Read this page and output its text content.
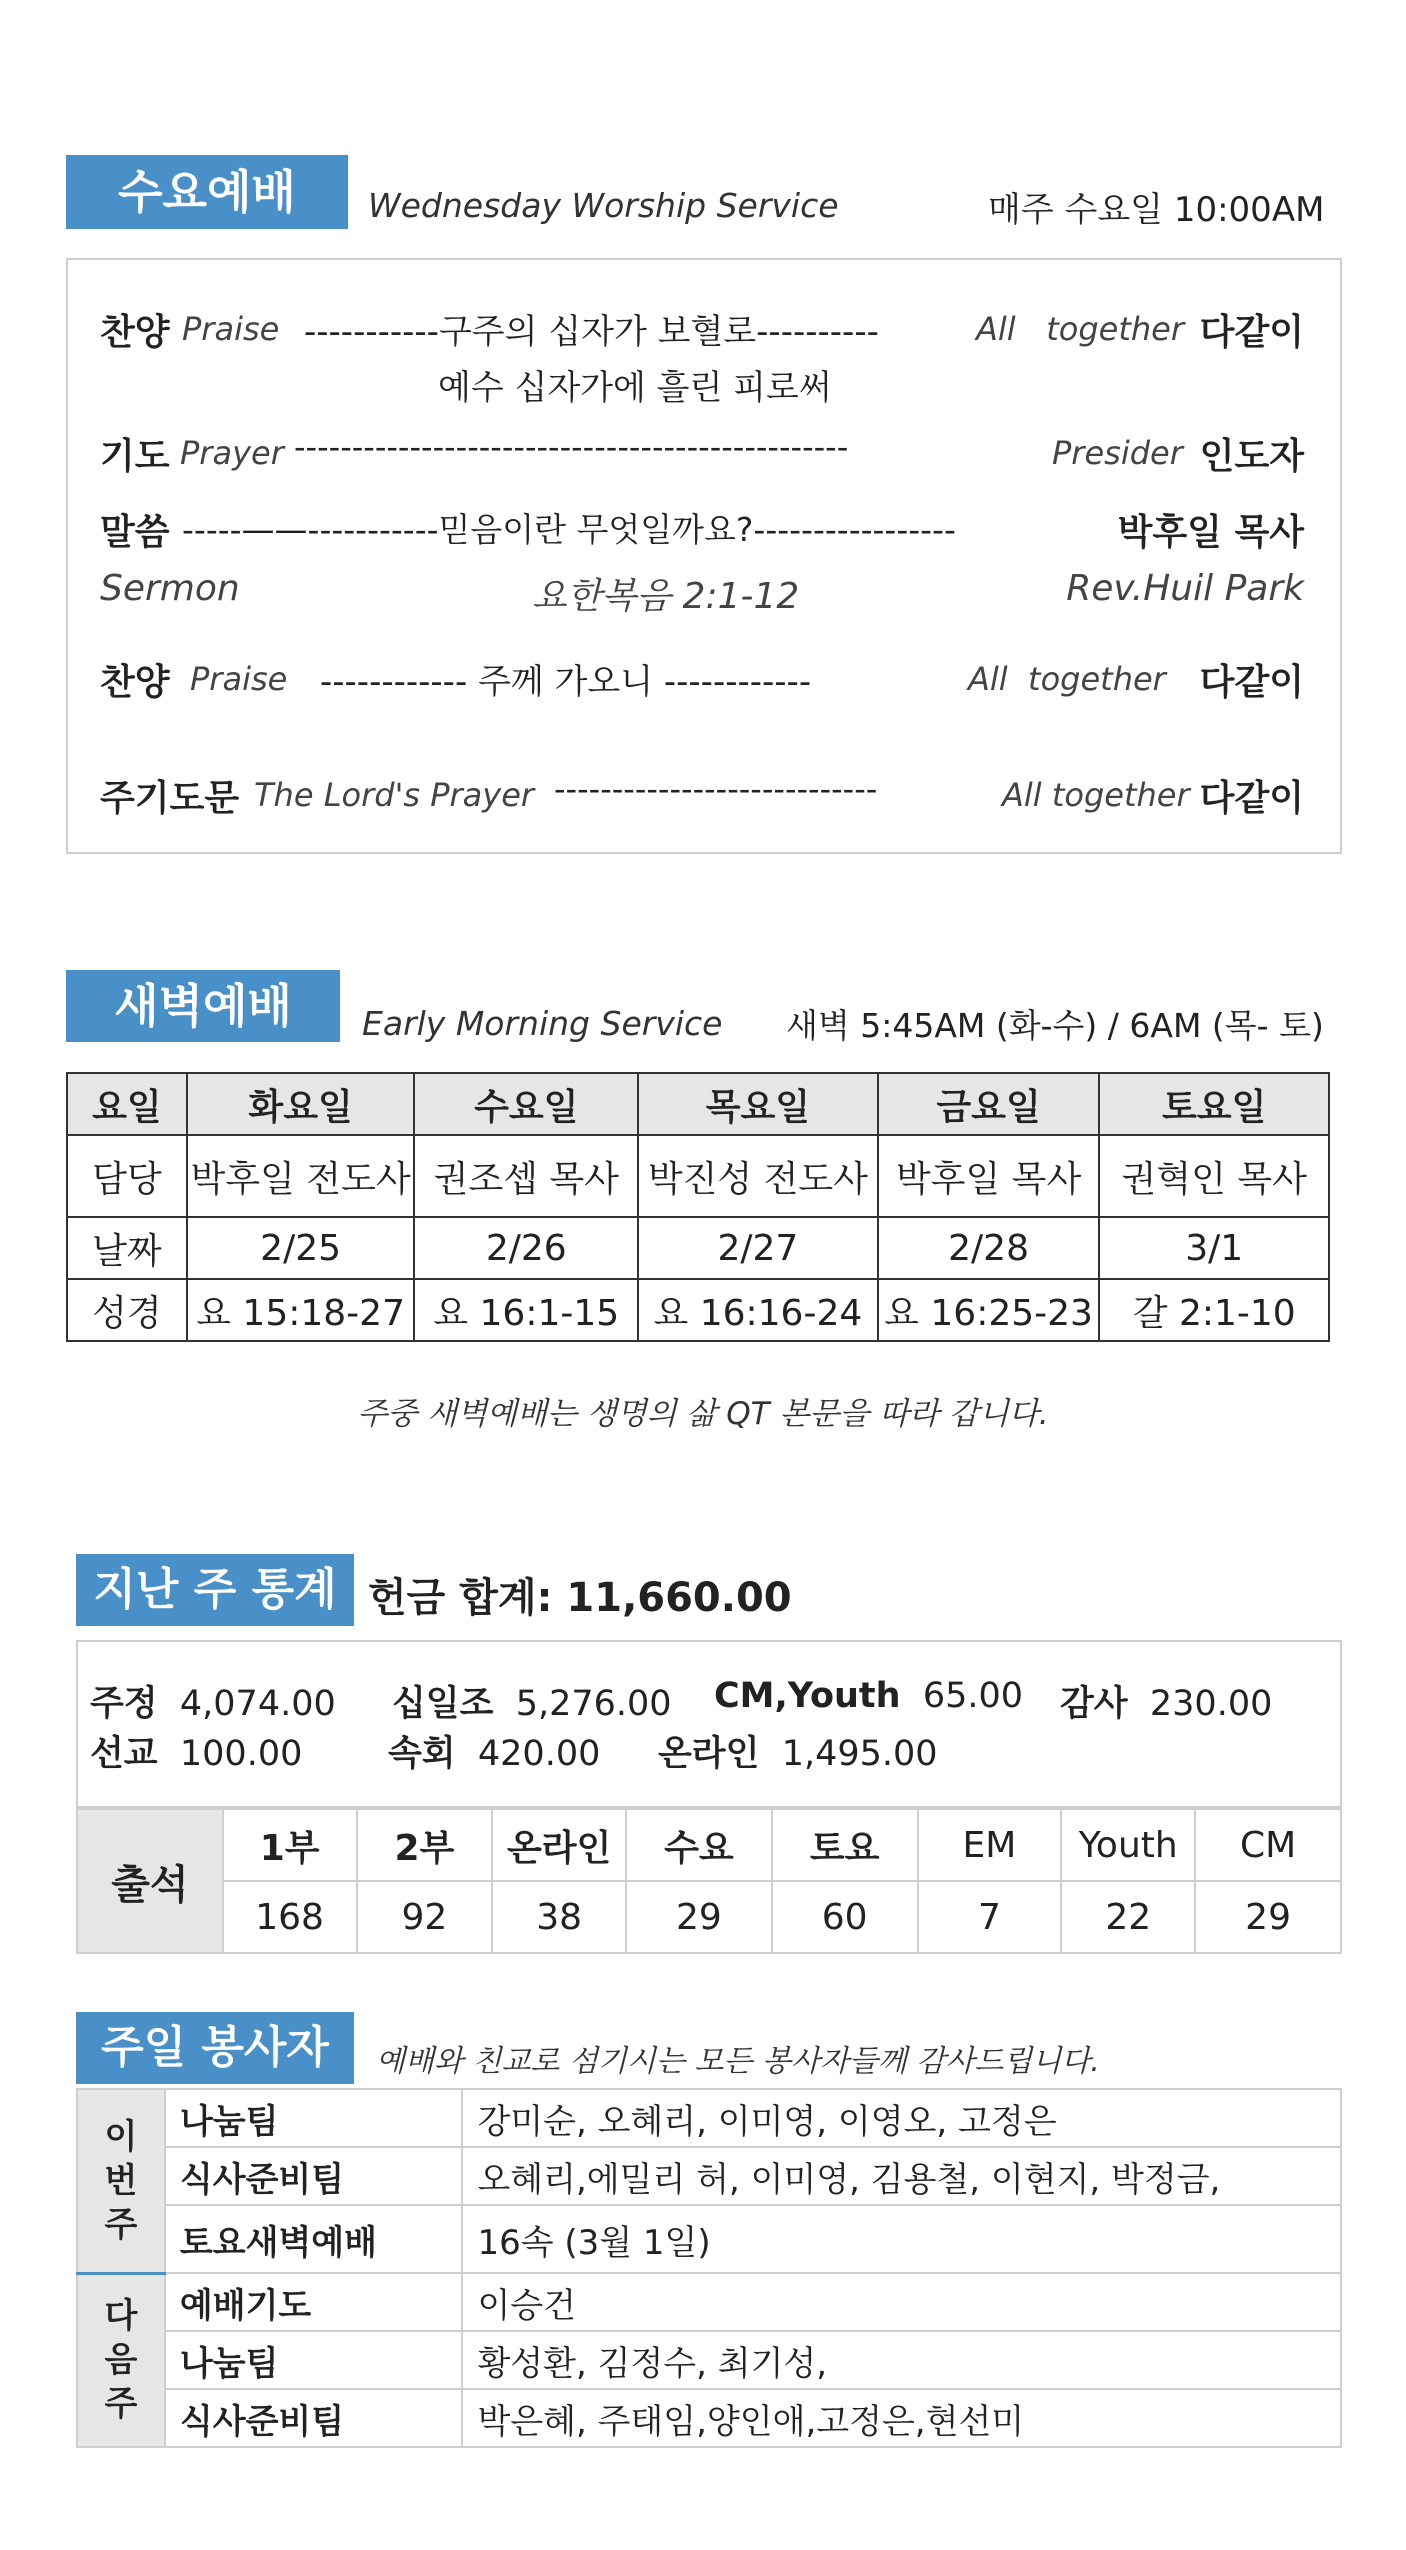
수요예배	Wednesday Worship Service	매주 수요일 10:00AM
찬양 Praise -----------구주의 십자가 보혈로----------	All   together 다같이
예수 십자가에 흘린 피로써
기도 Prayer ------------------------------------------------	Presider 인도자
말씀 -----——-----------믿음이란 무엇일까요?-----------------	박후일 목사
Sermon	요한복음 2:1-12	Rev.Huil Park
찬양 Praise ------------ 주께 가오니 ------------	All  together 다같이
주기도문 The Lord's Prayer ----------------------------	All together 다같이
새벽예배	Early Morning Service 새벽 5:45AM (화-수) / 6AM (목- 토)
요일	화요일	수요일	목요일	금요일	토요일
담당	박후일 전도사	권조셉 목사	박진성 전도사	박후일 목사	권혁인 목사
날짜	2/25	2/26	2/27	2/28	3/1
성경	요 15:18-27	요 16:1-15	요 16:16-24	요 16:25-23	갈 2:1-10
주중 새벽예배는 생명의 삶 QT 본문을 따라 갑니다.
지난 주 통계 헌금 합계: 11,660.00
주정 4,074.00 십일조 5,276.00 CM,Youth 65.00 감사 230.00
선교 100.00 속회 420.00 온라인 1,495.00
출석	1부	2부	온라인	수요	토요	EM	Youth	CM
	168	92	38	29	60	7	22	29
주일 봉사자	예배와 친교로 섬기시는 모든 봉사자들께 감사드립니다.
이
번
주	나눔팀	강미순, 오혜리, 이미영, 이영오, 고정은
	식사준비팀	오혜리,에밀리 허, 이미영, 김용철, 이현지, 박정금,
	토요새벽예배	16속 (3월 1일)
다
음
주	예배기도	이승건
	나눔팀	황성환, 김정수, 최기성,
	식사준비팀	박은혜, 주태임,양인애,고정은,현선미
